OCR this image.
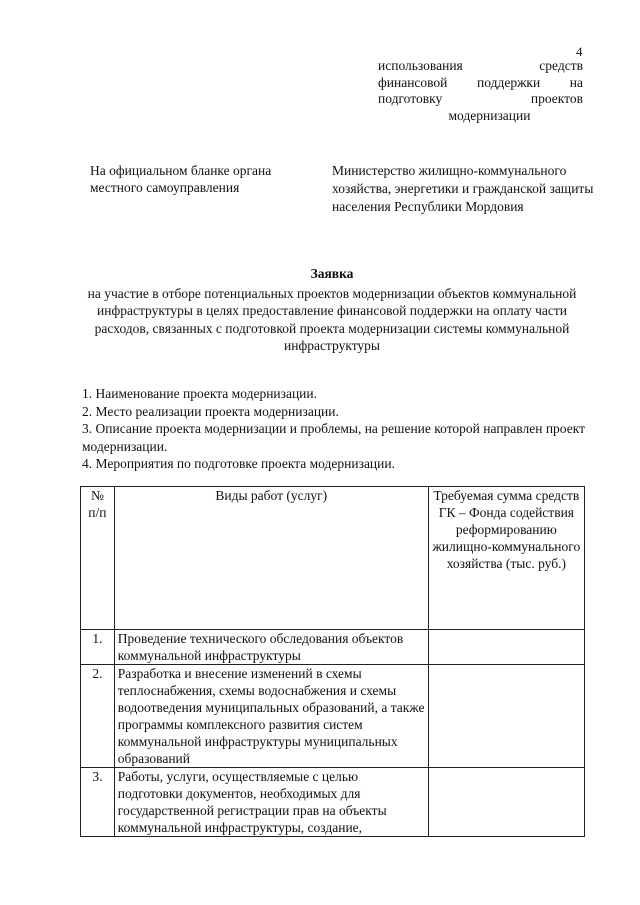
4
использования средств
финансовой поддержки на
подготовку проектов
модернизации
На официальном бланке органа местного самоуправления
Министерство жилищно-коммунального хозяйства, энергетики и гражданской защиты населения Республики Мордовия
Заявка
на участие в отборе потенциальных проектов модернизации объектов коммунальной инфраструктуры в целях предоставление финансовой поддержки на оплату части расходов, связанных с подготовкой проекта модернизации системы коммунальной инфраструктуры
1. Наименование проекта модернизации.
2. Место реализации проекта модернизации.
3. Описание проекта модернизации и проблемы, на решение которой направлен проект модернизации.
4. Мероприятия по подготовке проекта модернизации.
№ п/п	Виды работ (услуг)	Требуемая сумма средств ГК – Фонда содействия реформированию жилищно-коммунального хозяйства (тыс. руб.)
1.	Проведение технического обследования объектов коммунальной инфраструктуры	
2.	Разработка и внесение изменений в схемы теплоснабжения, схемы водоснабжения и схемы водоотведения муниципальных образований, а также программы комплексного развития систем коммунальной инфраструктуры муниципальных образований	
3.	Работы, услуги, осуществляемые с целью подготовки документов, необходимых для государственной регистрации прав на объекты коммунальной инфраструктуры, создание,	
